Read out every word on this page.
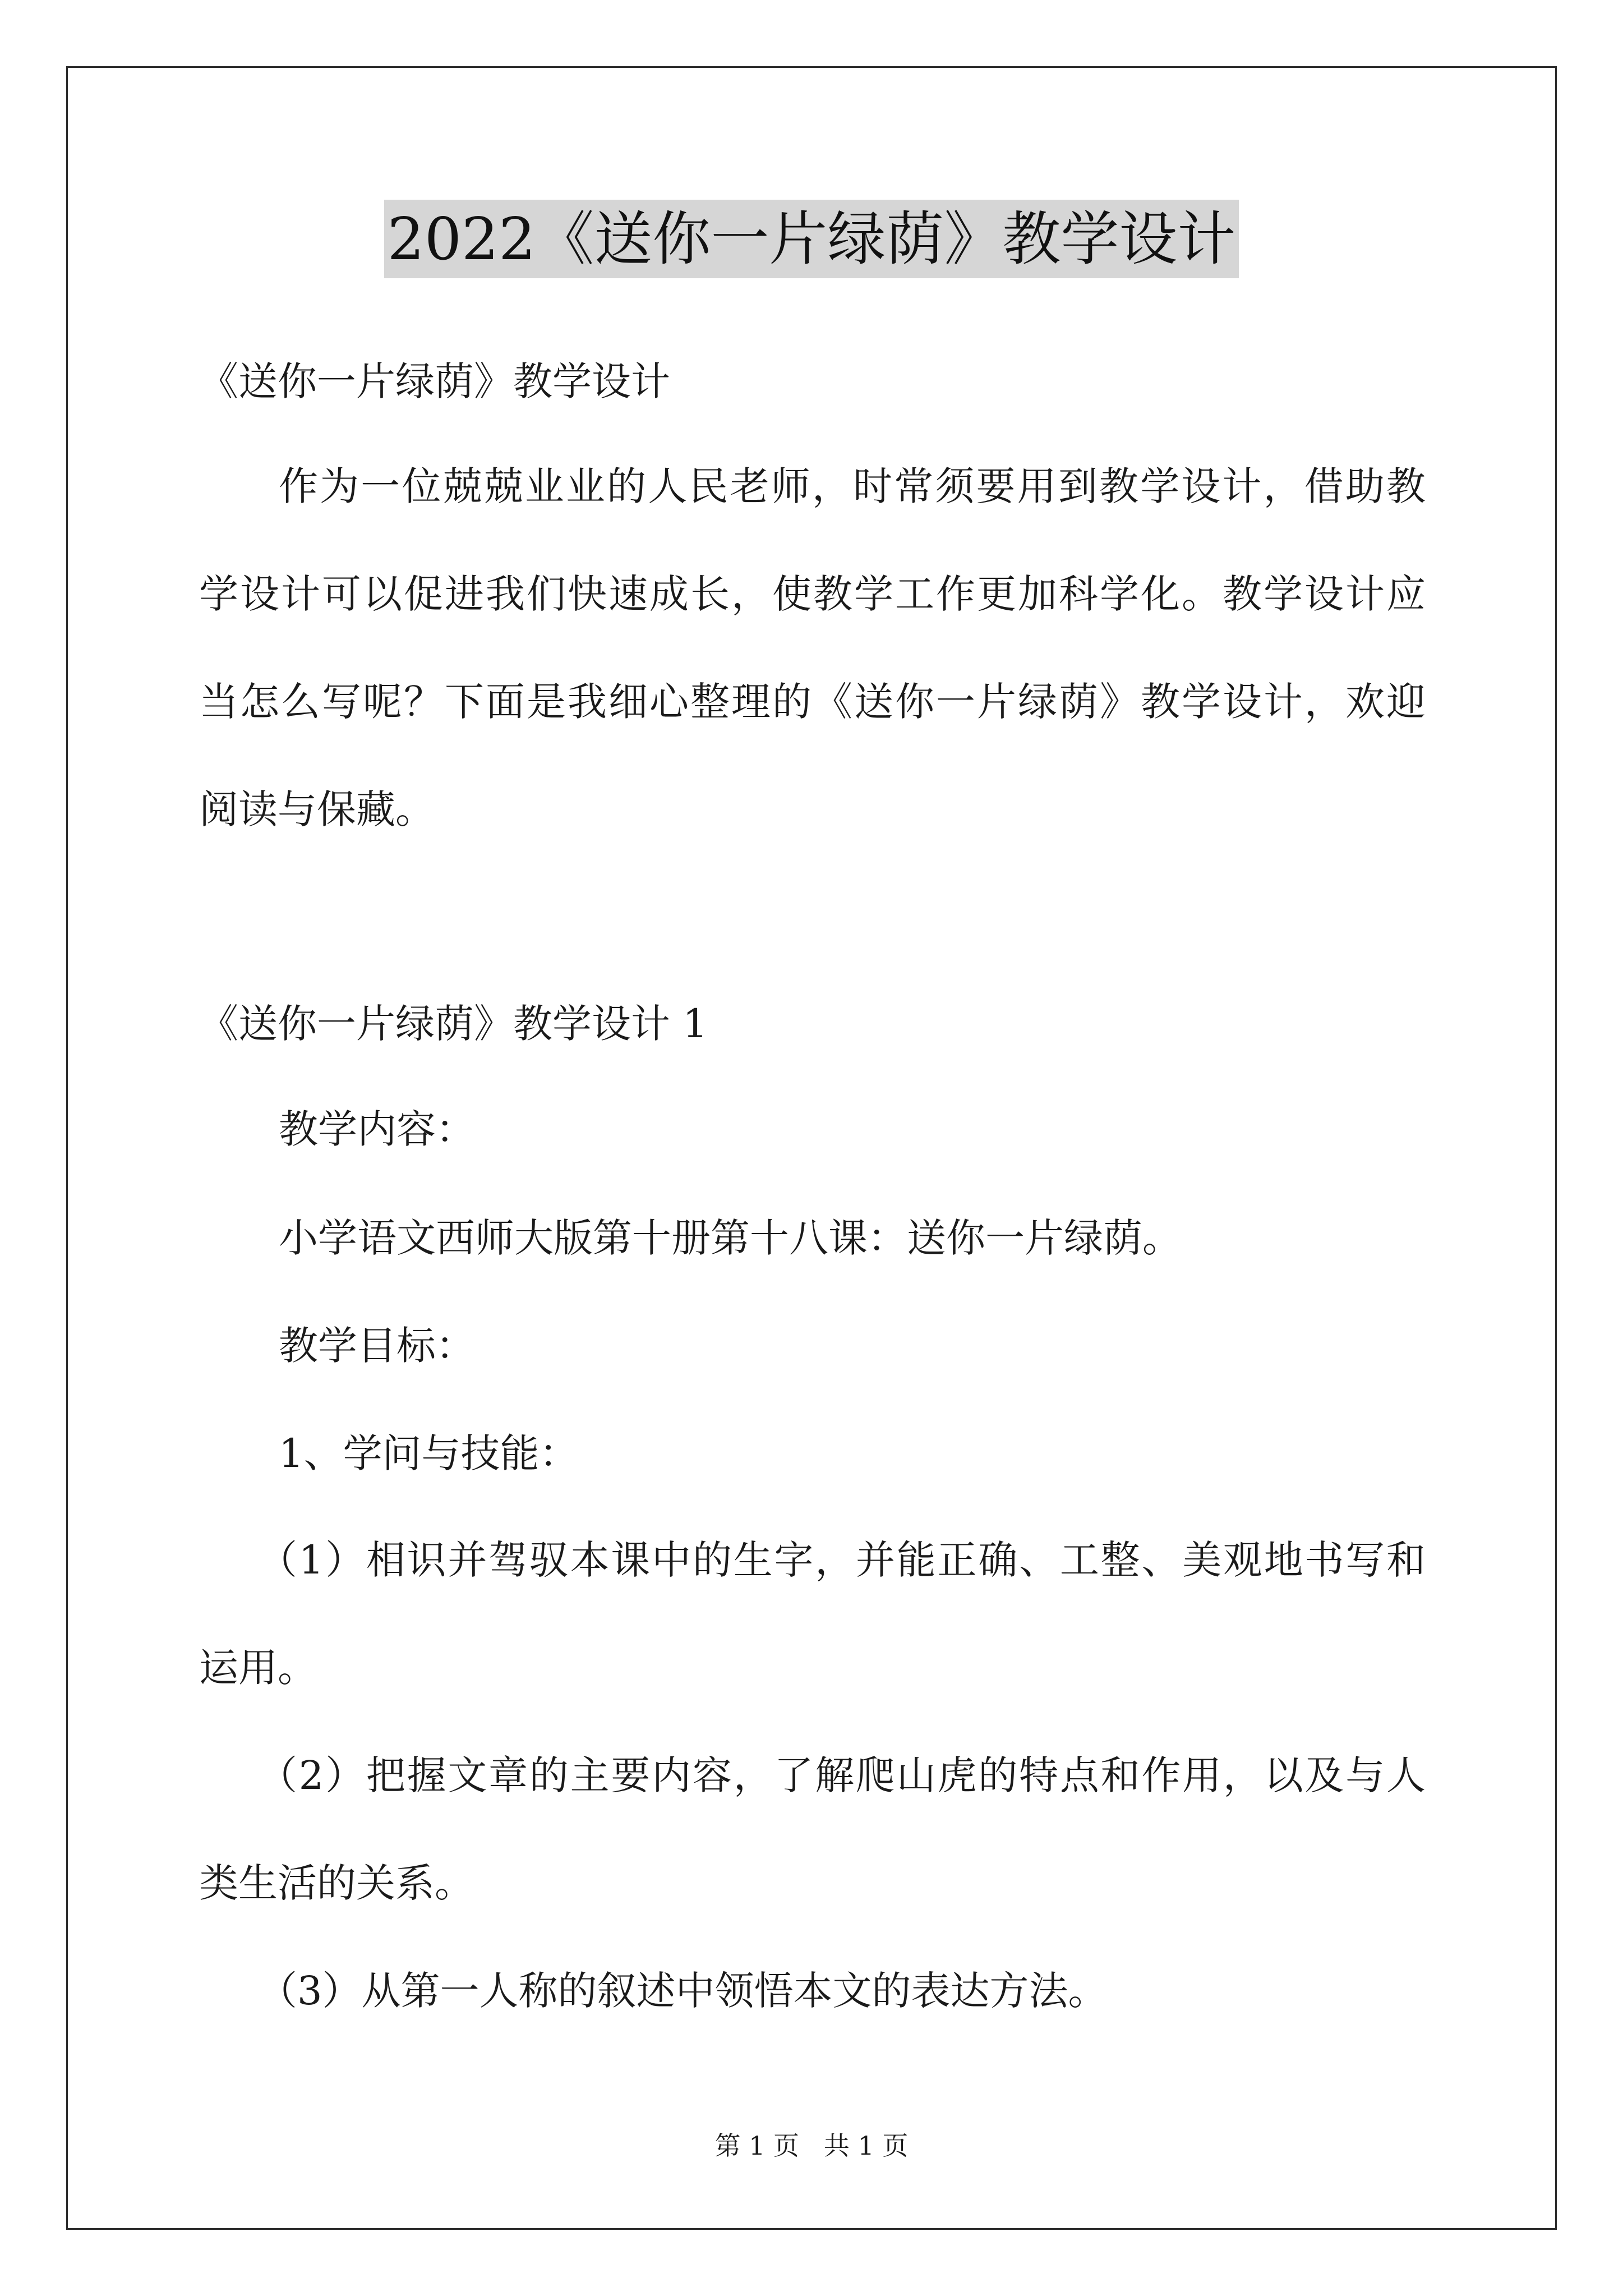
2022《送你一片绿荫》教学设计
《送你一片绿荫》教学设计
作为一位兢兢业业的人民老师，时常须要用到教学设计，借助教
学设计可以促进我们快速成长，使教学工作更加科学化。教学设计应
当怎么写呢？下面是我细心整理的《送你一片绿荫》教学设计，欢迎
阅读与保藏。
《送你一片绿荫》教学设计 1
教学内容：
小学语文西师大版第十册第十八课：送你一片绿荫。
教学目标：
1、学问与技能：
（1）相识并驾驭本课中的生字，并能正确、工整、美观地书写和
运用。
（2）把握文章的主要内容，了解爬山虎的特点和作用，以及与人
类生活的关系。
（3）从第一人称的叙述中领悟本文的表达方法。
第 1 页   共 1 页
